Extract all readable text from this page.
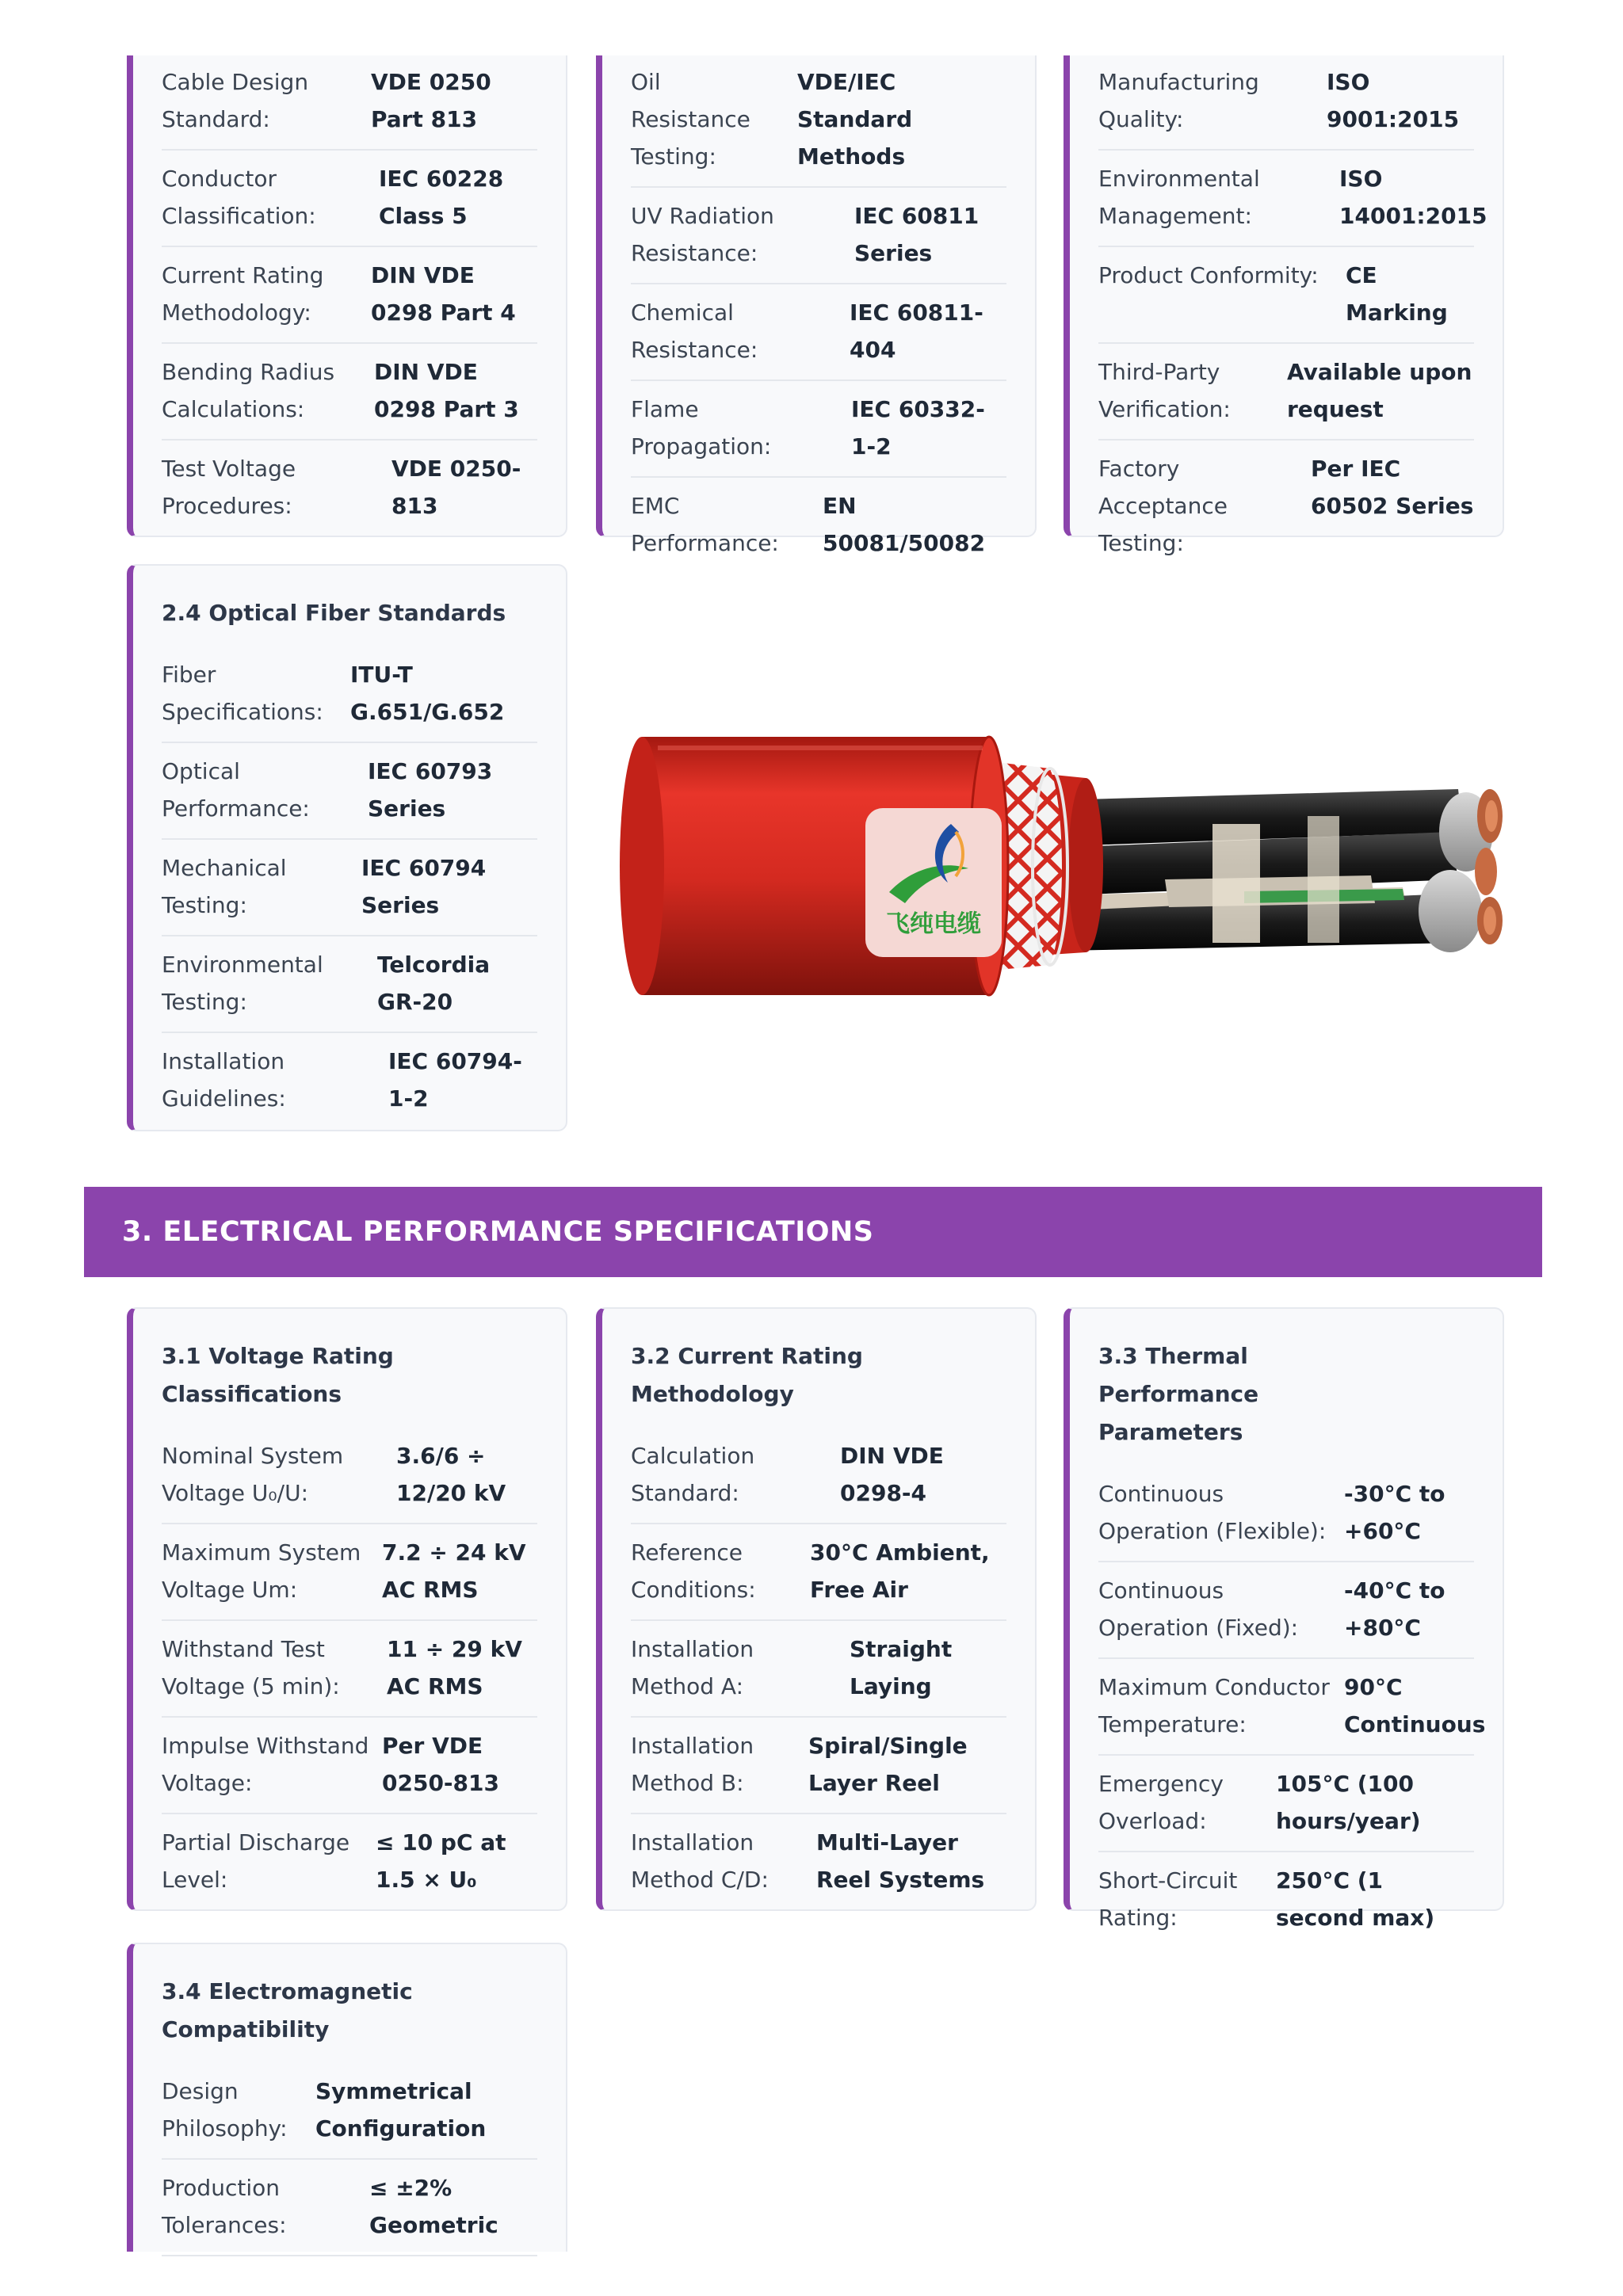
Cable Design Standard:
VDE 0250 Part 813
Conductor Classification:
IEC 60228 Class 5
Current Rating Methodology:
DIN VDE 0298 Part 4
Bending Radius Calculations:
DIN VDE 0298 Part 3
Test Voltage Procedures:
VDE 0250-813
Oil Resistance Testing:
VDE/IEC Standard Methods
UV Radiation Resistance:
IEC 60811 Series
Chemical Resistance:
IEC 60811-404
Flame Propagation:
IEC 60332-1-2
EMC Performance:
EN 50081/50082
Manufacturing Quality:
ISO 9001:2015
Environmental Management:
ISO 14001:2015
Product Conformity:	CE Marking
Third-Party Verification:
Available upon request
Factory Acceptance Testing:
Per IEC 60502 Series
2.4 Optical Fiber Standards
Fiber Specifications:
ITU-T G.651/G.652
Optical Performance:
IEC 60793 Series
Mechanical Testing:
IEC 60794 Series
Environmental Testing:
Telcordia GR-20
Installation Guidelines:
IEC 60794-1-2
飞纯电缆
3. ELECTRICAL PERFORMANCE SPECIFICATIONS
3.1 Voltage Rating Classifications
Nominal System Voltage U₀/U:
3.6/6 ÷ 12/20 kV
Maximum System Voltage Um:
7.2 ÷ 24 kV AC RMS
Withstand Test Voltage (5 min):
11 ÷ 29 kV AC RMS
Impulse Withstand Voltage:
Per VDE 0250-813
Partial Discharge Level:
≤ 10 pC at 1.5 × U₀
3.2 Current Rating Methodology
Calculation Standard:
DIN VDE 0298-4
Reference Conditions:
30°C Ambient, Free Air
Installation Method A:
Straight Laying
Installation Method B:
Spiral/Single Layer Reel
Installation Method C/D:
Multi-Layer Reel Systems
3.3 Thermal Performance Parameters
Continuous Operation (Flexible):
-30°C to +60°C
Continuous Operation (Fixed):
-40°C to +80°C
Maximum Conductor Temperature:
90°C Continuous
Emergency Overload:
105°C (100 hours/year)
Short-Circuit Rating:
250°C (1 second max)
3.4 Electromagnetic Compatibility
Design Philosophy:
Symmetrical Configuration
Production Tolerances:
≤ ±2% Geometric
